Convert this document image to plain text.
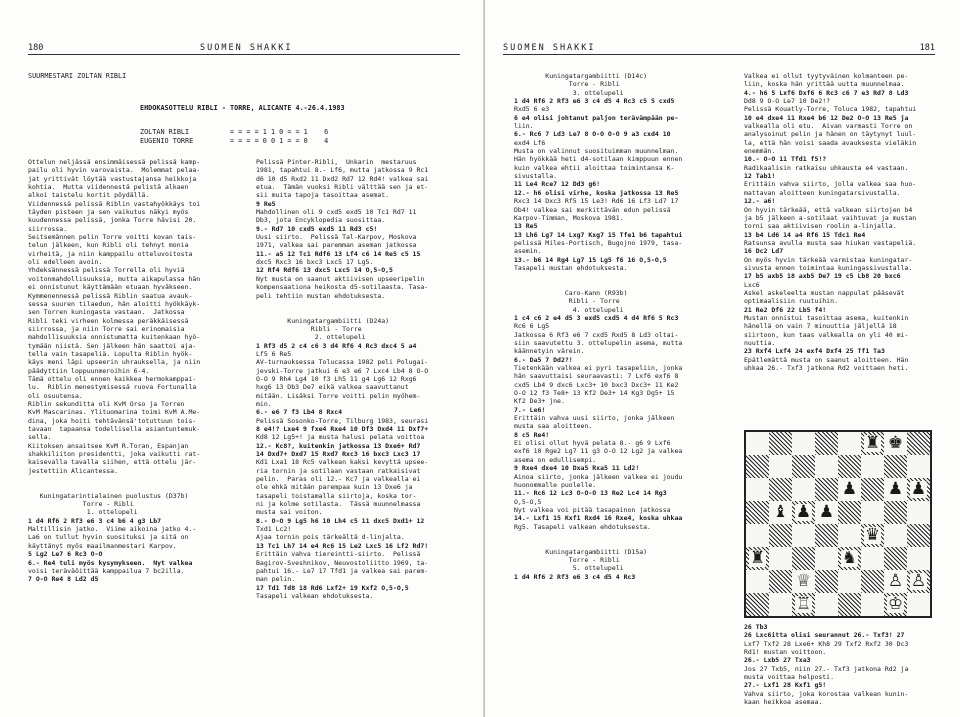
180	SUOMEN SHAKKI
SUURMESTARI ZOLTAN RIBLI
EHDOKASOTTELU RIBLI - TORRE, ALICANTE 4.-26.4.1983
ZOLTAN RIBLI          = = = = 1 1 0 = = 1    6
EUGENIO TORRE         = = = = 0 0 1 = = 0    4
Ottelun neljässä ensimmäisessä pelissä kamp-
pailu oli hyvin varovaista.  Molemmat pelaa-
jat yrittivät löytää vastustajansa heikkoja
kohtia.  Mutta viidennestä pelistä alkaen
alkoi taistelu kortit pöydällä.
Viidennessä pelissä Riblin vastahyökkäys toi
täyden pisteen ja sen vaikutus näkyi myös
kuudennessa pelissä, jonka Torre hävisi 20.
siirrossa.
Seitsemännen pelin Torre voitti kovan tais-
telun jälkeen, kun Ribli oli tehnyt monia
virheitä, ja niin kamppailu otteluvoitosta
oli edelleen avoin.
Yhdeksännessä pelissä Torrella oli hyviä
voitonmahdollisuuksia, mutta aikapulassa hän
ei onnistunut käyttämään etuaan hyväkseen.
Kymmenennessä pelissä Riblin saatua avauk-
sessa suuren tilaedun, hän aloitti hyökkäyk-
sen Torren kuningasta vastaan.  Jatkossa
Ribli teki virheen kolmessa peräkkäisessä
siirrossa, ja niin Torre sai erinomaisia
mahdollisuuksia onnistumatta kuitenkaan hyö-
tymään niistä. Sen jälkeen hän saattoi aja-
tella vain tasapeliä. Lopulta Riblin hyök-
käys meni läpi upseerin uhrauksella, ja niin
päädyttiin loppuunmeroihin 6-4.
Tämä ottelu oli ennen kaikkea hermokamppai-
lu.  Riblin menestymisessä ruova Fortunalla
oli osuutensa.
Riblin sekunditta oli KvM Orso ja Torren
KvM Mascarinas. Ylituomarina toimi KvM A.Me-
dina, joka hoiti tehtävänsä'totuttuun tois-
tavaan  tapaansa todellisella asiantuntemuk-
sella.
Kiitoksen ansaitsee KvM R.Toran, Espanjan
shakkiliiton presidentti, joka vaikutti rat-
kaisevalla tavalla siihen, että ottelu jär-
jestettiin Alicantessa.

Kuningatarintialainen puolustus (D37b)
Torre - Ribli
1. ottelupeli
1 d4 Rf6 2 Rf3 e6 3 c4 b6 4 g3 Lb7
Maltillisin jatko.  Viime aikoina jatko 4.-
La6 on tullut hyvin suosituksi ja sitä on
käyttänyt myös maailmanmestari Karpov.
5 Lg2 Le7 6 Rc3 O-O
6.- Re4 tuli myös kysymykseen.  Nyt valkea
voisi teräväöittää kamppailua 7 bc2illa.
7 O-O Re4 8 Ld2 d5
Pelissä Pinter-Ribli,  Unkarin  mestaruus
1981, tapahtui 8.- Lf6, mutta jatkossa 9 Rc1
d6 10 d5 Rxd2 11 Dxd2 Rd7 12 Rd4! valkea sai
etua.  Tämän vuoksi Ribli välttää sen ja et-
sii muita tapoja tasoittaa asemat.
9 Re5
Mahdollinen oli 9 cxd5 exd5 10 Tc1 Rd7 11
Db3, jota Encyklopedia suosittaa.
9.- Rd7 10 cxd5 exd5 11 Rd3 c5!
Uusi siirto.  Pelissä Tal-Karpov, Moskova
1971, valkea sai paremman aseman jatkossa
11.- a5 12 Tc1 Rdf6 13 Lf4 c6 14 Re5 c5 15
dxc5 Rxc3 16 bxc3 Lxc5 17 Lg5.
12 Rf4 Rdf6 13 dxc5 Lxc5 14 O,5-O,5
Nyt musta on saanut aktiivisen upseeripelin
kompensaationa heikosta d5-sotilaasta. Tasa-
peli tehtiin mustan ehdotuksesta.

Kuningatargambiitti (D24a)
Ribli - Torre
2. ottelupeli
1 Rf3 d5 2 c4 c6 3 d4 Rf6 4 Rc3 dxc4 5 a4
Lf5 6 Re5
AV-turnauksessa Tolucassa 1982 peli Polugai-
jevski-Torre jatkui 6 e3 e6 7 Lxc4 Lb4 8 O-O
O-O 9 Rh4 Lg4 10 f3 Lh5 11 g4 Lg6 12 Rxg6
hxg6 13 Db3 De7 eikä valkea saavuttanut
mitään. Lisäksi Torre voitti pelin myöhem-
min.
6.- e6 7 f3 Lb4 8 Rxc4
Pelissä Sosonko-Torre, Tilburg 1983, seurasi
8 e4!? Lxe4 9 fxe4 Rxe4 10 Df3 Dxd4 11 Dxf7+
Kd8 12 Lg5+! ja musta halusi pelata voittoa
12.- Kc8?, kuitenkin jatkossa 13 Dxe6+ Rd7
14 Dxd7+ Dxd7 15 Rxd7 Rxc3 16 bxc3 Lxc3 17
Kd1 Lxa1 18 Rc5 valkean kaksi kevyttä upsee-
ria tornin ja sotilaan vastaan ratkaisivat
pelin.  Paras oli 12.- Kc7 ja valkealla ei
ole ehkä mitään parempaa kuin 13 Dxe6 ja
tasapeli toistamalla siirtoja, koska tor-
ni ja kolme sotilasta.  Tässä muunnelmassa
musta sai voiton.
8.- O-O 9 Lg5 h6 10 Lh4 c5 11 dxc5 Dxd1+ 12
Txd1 Lc2!
Ajaa tornin pois tärkeältä d-linjalta.
13 Tc1 Lh7 14 e4 Rc6 15 Le2 Lxc5 16 Lf2 Rd7!
Erittäin vahva tiereintti-siirto.  Pelissä
Bagirov-Sveshnikov, Neuvostoliitto 1969, ta-
pahtui 16.- Le7 17 Tfd1 ja valkea sai parem-
man pelin.
17 Td1 Td8 18 Rd6 Lxf2+ 19 Kxf2 O,5-O,5
Tasapeli valkean ehdotuksesta.
SUOMEN SHAKKI	181
Kuningatargambiitti (D14c)
Torre - Ribli
3. ottelupeli
1 d4 Rf6 2 Rf3 e6 3 c4 d5 4 Rc3 c5 5 cxd5
Rxd5 6 e3
6 e4 olisi johtanut paljon terävämpään pe-
liin.
6.- Rc6 7 Ld3 Le7 8 O-O O-O 9 a3 cxd4 10
exd4 Lf6
Musta on valinnut suosituimman muunnelman.
Hän hyökkää heti d4-sotilaan kimppuun ennen
kuin valkea ehtii aloittaa toimintansa K-
sivustalla.
11 Le4 Rce7 12 Dd3 g6!
12.- h6 olisi virhe, koska jatkossa 13 Re5
Rxc3 14 Dxc3 Rf5 15 Le3! Rd6 16 Lf3 Ld7 17
Db4! valkea sai merkittävän edun pelissä
Karpov-Timman, Moskova 1981.
13 Re5
13 Lh6 Lg7 14 Lxg7 Kxg7 15 Tfe1 b6 tapahtui
pelissä Miles-Portisch, Bugojno 1979, tasa-
asemin.
13.- b6 14 Rg4 Lg7 15 Lg5 f6 16 O,5-O,5
Tasapeli mustan ehdotuksesta.

Caro-Kann (R93b)
Ribli - Torre
4. ottelupeli
1 c4 c6 2 e4 d5 3 exd5 cxd5 4 d4 Rf6 5 Rc3
Rc6 6 Lg5
Jatkossa 6 Rf3 e6 7 cxd5 Rxd5 8 Ld3 oltai-
siin saavutettu 3. ottelupelin asema, mutta
käännetyin värein.
6.- Da5 7 Dd2?!
Tietenkään valkea ei pyri tasapeliin, jonka
hän saavuttaisi seuraavasti: 7 Lxf6 exf6 8
cxd5 Lb4 9 dxc6 Lxc3+ 10 bxc3 Dxc3+ 11 Ke2
O-O 12 f3 Te8+ 13 Kf2 De3+ 14 Kg3 Dg5+ 15
Kf2 De3+ jne.
7.- Le6!
Erittäin vahva uusi siirto, jonka jälkeen
musta saa aloitteen.
8 c5 Re4!
Ei olisi ollut hyvä pelata 8.- g6 9 Lxf6
exf6 10 Rge2 Lg7 11 g3 O-O 12 Lg2 ja valkea
asema on edullisempi.
9 Rxe4 dxe4 10 Dxa5 Rxa5 11 Ld2!
Ainoa siirto, jonka jälkeen valkea ei joudu
huonommalle puolelle.
11.- Rc6 12 Lc3 O-O-O 13 Re2 Lc4 14 Rg3
O,5-O,5
Nyt valkea voi pitää tasapainon jatkossa
14.- Lxf1 15 Kxf1 Rxd4 16 Rxe4, koska uhkaa
Rg5. Tasapeli valkean ehdotuksesta.

Kuningatargambiitti (D15a)
Torre - Ribli
5. ottelupeli
1 d4 Rf6 2 Rf3 e6 3 c4 d5 4 Rc3
Valkea ei ollut tyytyväinen kolmanteen pe-
liin, koska hän yrittää uutta muunnelmaa.
4.- h6 5 Lxf6 Dxf6 6 Rc3 c6 7 e3 Rd7 8 Ld3
Dd8 9 O-O Le7 10 De2!?
Pelissä Kouatly-Torre, Toluca 1982, tapahtui
10 e4 dxe4 11 Rxe4 b6 12 De2 O-O 13 Re5 ja
valkealla oli etu.  Aivan varmasti Torre on
analysoinut pelin ja hänen on täytynyt luul-
la, että hän voisi saada avauksesta vieläkin
enemmän.
10.- O-O 11 Tfd1 f5!?
Radikaalisin ratkaisu uhkausta e4 vastaan.
12 Tab1!
Erittäin vahva siirto, jolla valkea saa huo-
mattavan aloitteen kuningatarsivustalla.
12.- a6!
On hyvin tärkeää, että valkean siirtojen b4
ja b5 jälkeen a-sotilaat vaihtuvat ja mustan
torni saa aktiivisen roolin a-linjalla.
13 b4 Ld6 14 a4 Rf6 15 Tdc1 Re4
Ratsunsa avulla musta saa hiukan vastapeliä.
16 Dc2 Ld7
On myös hyvin tärkeää varmistaa kuningatar-
sivusta ennen toimintaa kuningassivustalla.
17 b5 axb5 18 axb5 De7 19 c5 Lb8 20 bxc6
Lxc6
Askel askeleelta mustan nappulat pääsevät
optimaalisiin ruutuihin.
21 Re2 Df6 22 Lb5 f4!
Mustan onnistui tasoittaa asema, kuitenkin
hänellä on vain 7 minuuttia jäljellä 18
siirtoon, kun taas valkealla on yli 40 mi-
nuuttia.
23 Rxf4 Lxf4 24 exf4 Dxf4 25 Tf1 Ta3
Epätlemättä musta on saanut aloitteen. Hän
uhkaa 26.- Txf3 jatkona Rd2 voittaen heti.
♜ ♚
♟ ♟ ♟
♝ ♟ ♟
♛
♜	♞
♕	♙ ♙
♖	♔
26 Tb3
26 Lxc6itta olisi seurannut 26.- Txf3! 27
Lxf7 Txf2 28 Lxe6+ Kh8 29 Txf2 Rxf2 30 Dc3
Rd1! mustan voittoon.
26.- Lxb5 27 Txa3
Jos 27 Txb5, niin 27.- Txf3 jatkona Rd2 ja
musta voittaa helposti.
27.- Lxf1 28 Kxf1 g5!
Vahva siirto, joka korostaa valkean kunin-
kaan heikkoa asemaa.
